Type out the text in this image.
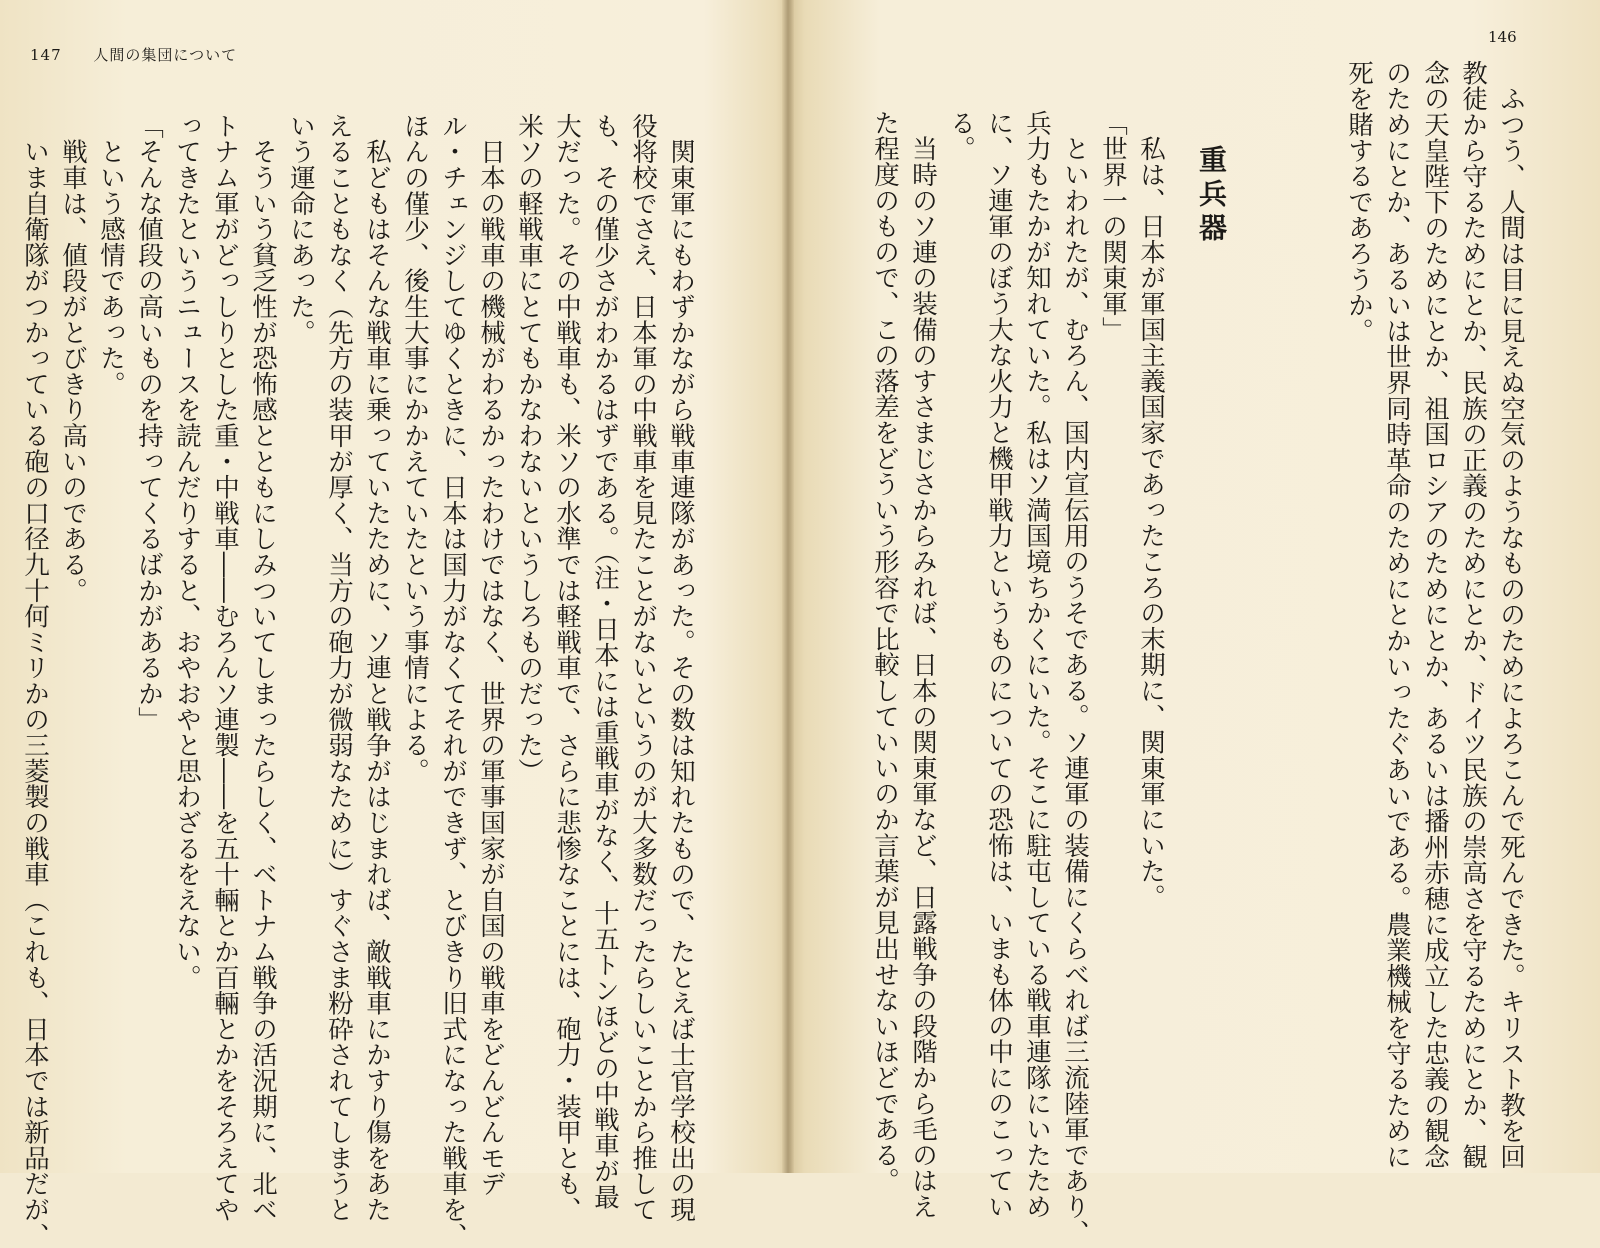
147 人間の集団について
　関東軍にもわずかながら戦車連隊があった。その数は知れたもので、たとえば士官学校出の現
役将校でさえ、日本軍の中戦車を見たことがないというのが大多数だったらしいことから推して
も、その僅少さがわかるはずである。（注・日本には重戦車がなく、十五トンほどの中戦車が最
大だった。その中戦車も、米ソの水準では軽戦車で、さらに悲惨なことには、砲力・装甲とも、
米ソの軽戦車にとてもかなわないというしろものだった）
　日本の戦車の機械がわるかったわけではなく、世界の軍事国家が自国の戦車をどんどんモデ
ル・チェンジしてゆくときに、日本は国力がなくてそれができず、とびきり旧式になった戦車を、
ほんの僅少、後生大事にかかえていたという事情による。
　私どもはそんな戦車に乗っていたために、ソ連と戦争がはじまれば、敵戦車にかすり傷をあた
えることもなく（先方の装甲が厚く、当方の砲力が微弱なために）すぐさま粉砕されてしまうと
いう運命にあった。
　そういう貧乏性が恐怖感とともにしみついてしまったらしく、ベトナム戦争の活況期に、北ベ
トナム軍がどっしりとした重・中戦車――むろんソ連製――を五十輛とか百輛とかをそろえてや
ってきたというニュースを読んだりすると、おやおやと思わざるをえない。
「そんな値段の高いものを持ってくるばかがあるか」
　という感情であった。
　戦車は、値段がとびきり高いのである。
　いま自衛隊がつかっている砲の口径九十何ミリかの三菱製の戦車（これも、日本では新品だが、
146
　ふつう、人間は目に見えぬ空気のようなもののためによろこんで死んできた。キリスト教を回
教徒から守るためにとか、民族の正義のためにとか、ドイツ民族の崇高さを守るためにとか、観
念の天皇陛下のためにとか、祖国ロシアのためにとか、あるいは播州赤穂に成立した忠義の観念
のためにとか、あるいは世界同時革命のためにとかいったぐあいである。農業機械を守るために
死を賭するであろうか。
重兵器
　私は、日本が軍国主義国家であったころの末期に、関東軍にいた。
「世界一の関東軍」
　といわれたが、むろん、国内宣伝用のうそである。ソ連軍の装備にくらべれば三流陸軍であり、
兵力もたかが知れていた。私はソ満国境ちかくにいた。そこに駐屯している戦車連隊にいたため
に、ソ連軍のぼう大な火力と機甲戦力というものについての恐怖は、いまも体の中にのこってい
る。
　当時のソ連の装備のすさまじさからみれば、日本の関東軍など、日露戦争の段階から毛のはえ
た程度のもので、この落差をどういう形容で比較していいのか言葉が見出せないほどである。
